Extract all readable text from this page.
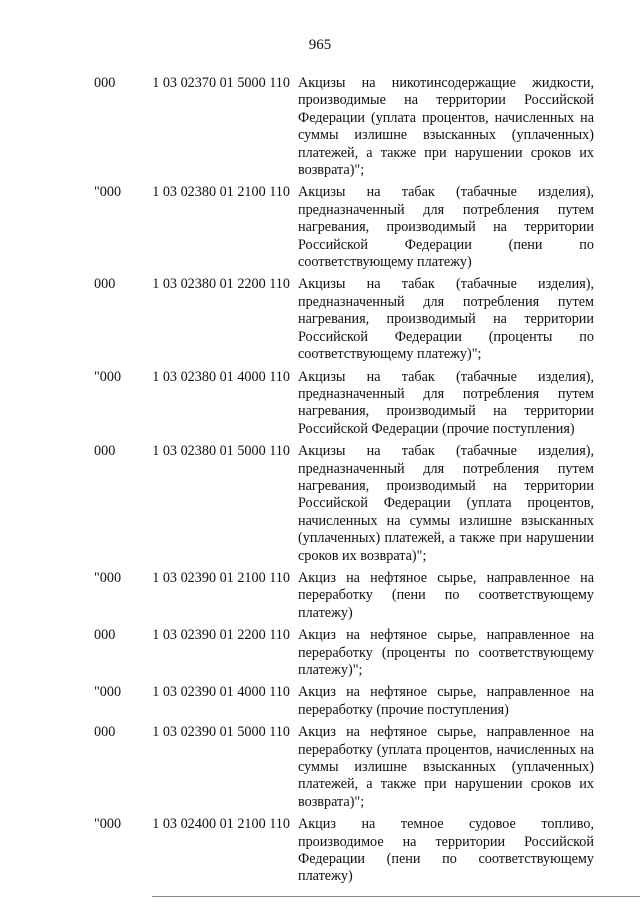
965
000	1 03 02370 01 5000 110 Акцизы на никотинсодержащие жидкости, производимые на территории Российской Федерации (уплата процентов, начисленных на суммы излишне взысканных (уплаченных) платежей, а также при нарушении сроков их возврата)";
"000	1 03 02380 01 2100 110 Акцизы на табак (табачные изделия), предназначенный для потребления путем нагревания, производимый на территории Российской Федерации (пени по соответствующему платежу)
000	1 03 02380 01 2200 110 Акцизы на табак (табачные изделия), предназначенный для потребления путем нагревания, производимый на территории Российской Федерации (проценты по соответствующему платежу)";
"000	1 03 02380 01 4000 110 Акцизы на табак (табачные изделия), предназначенный для потребления путем нагревания, производимый на территории Российской Федерации (прочие поступления)
000	1 03 02380 01 5000 110 Акцизы на табак (табачные изделия), предназначенный для потребления путем нагревания, производимый на территории Российской Федерации (уплата процентов, начисленных на суммы излишне взысканных (уплаченных) платежей, а также при нарушении сроков их возврата)";
"000	1 03 02390 01 2100 110 Акциз на нефтяное сырье, направленное на переработку (пени по соответствующему платежу)
000	1 03 02390 01 2200 110 Акциз на нефтяное сырье, направленное на переработку (проценты по соответствующему платежу)";
"000	1 03 02390 01 4000 110 Акциз на нефтяное сырье, направленное на переработку (прочие поступления)
000	1 03 02390 01 5000 110 Акциз на нефтяное сырье, направленное на переработку (уплата процентов, начисленных на суммы излишне взысканных (уплаченных) платежей, а также при нарушении сроков их возврата)";
"000	1 03 02400 01 2100 110 Акциз на темное судовое топливо, производимое на территории Российской Федерации (пени по соответствующему платежу)
